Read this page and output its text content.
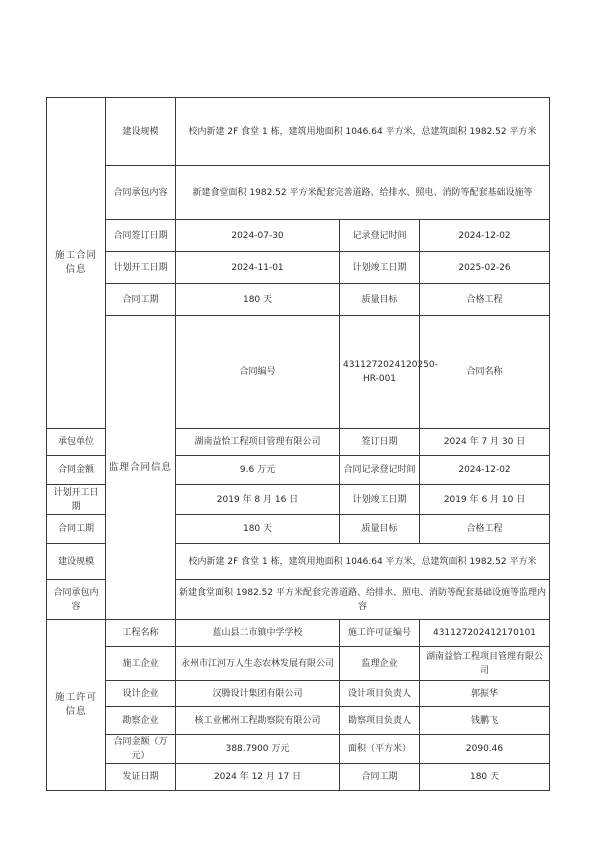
施工合同信息	建设规模	校内新建 2F 食堂 1 栋，建筑用地面积 1046.64 平方米，总建筑面积 1982.52 平方米			
	合同承包内容	新建食堂面积 1982.52 平方米配套完善道路、给排水、照电、消防等配套基础设施等			
	合同签订日期	2024-07-30	记录登记时间	2024-12-02	
	计划开工日期	2024-11-01	计划竣工日期	2025-02-26	
	合同工期	180 天	质量目标	合格工程	
	监理合同信息	合同编号	4311272024120250-HR-001	合同名称	
承包单位		湖南益恰工程项目管理有限公司	签订日期	2024 年 7 月 30 日	
合同金额		9.6 万元	合同记录登记时间	2024-12-02	
计划开工日期		2019 年 8 月 16 日	计划竣工日期	2019 年 6 月 10 日	
合同工期		180 天	质量目标	合格工程	
建设规模		校内新建 2F 食堂 1 栋，建筑用地面积 1046.64 平方米，总建筑面积 1982.52 平方米			
合同承包内容		新建食堂面积 1982.52 平方米配套完善道路、给排水、照电、消防等配套基础设施等监理内容			
施工许可信息	工程名称	蓝山县二市镇中学学校	施工许可证编号	431127202412170101	
	施工企业	永州市江河万人生态农林发展有限公司	监理企业	湖南益恰工程项目管理有限公司	
	设计企业	汉腾设计集团有限公司	设计项目负责人	郭振华	
	勘察企业	核工业郴州工程勘察院有限公司	勘察项目负责人	钱鹏飞	
	合同金额（万元）	388.7900 万元	面积（平方米）	2090.46	
	发证日期	2024 年 12 月 17 日	合同工期	180 天	
